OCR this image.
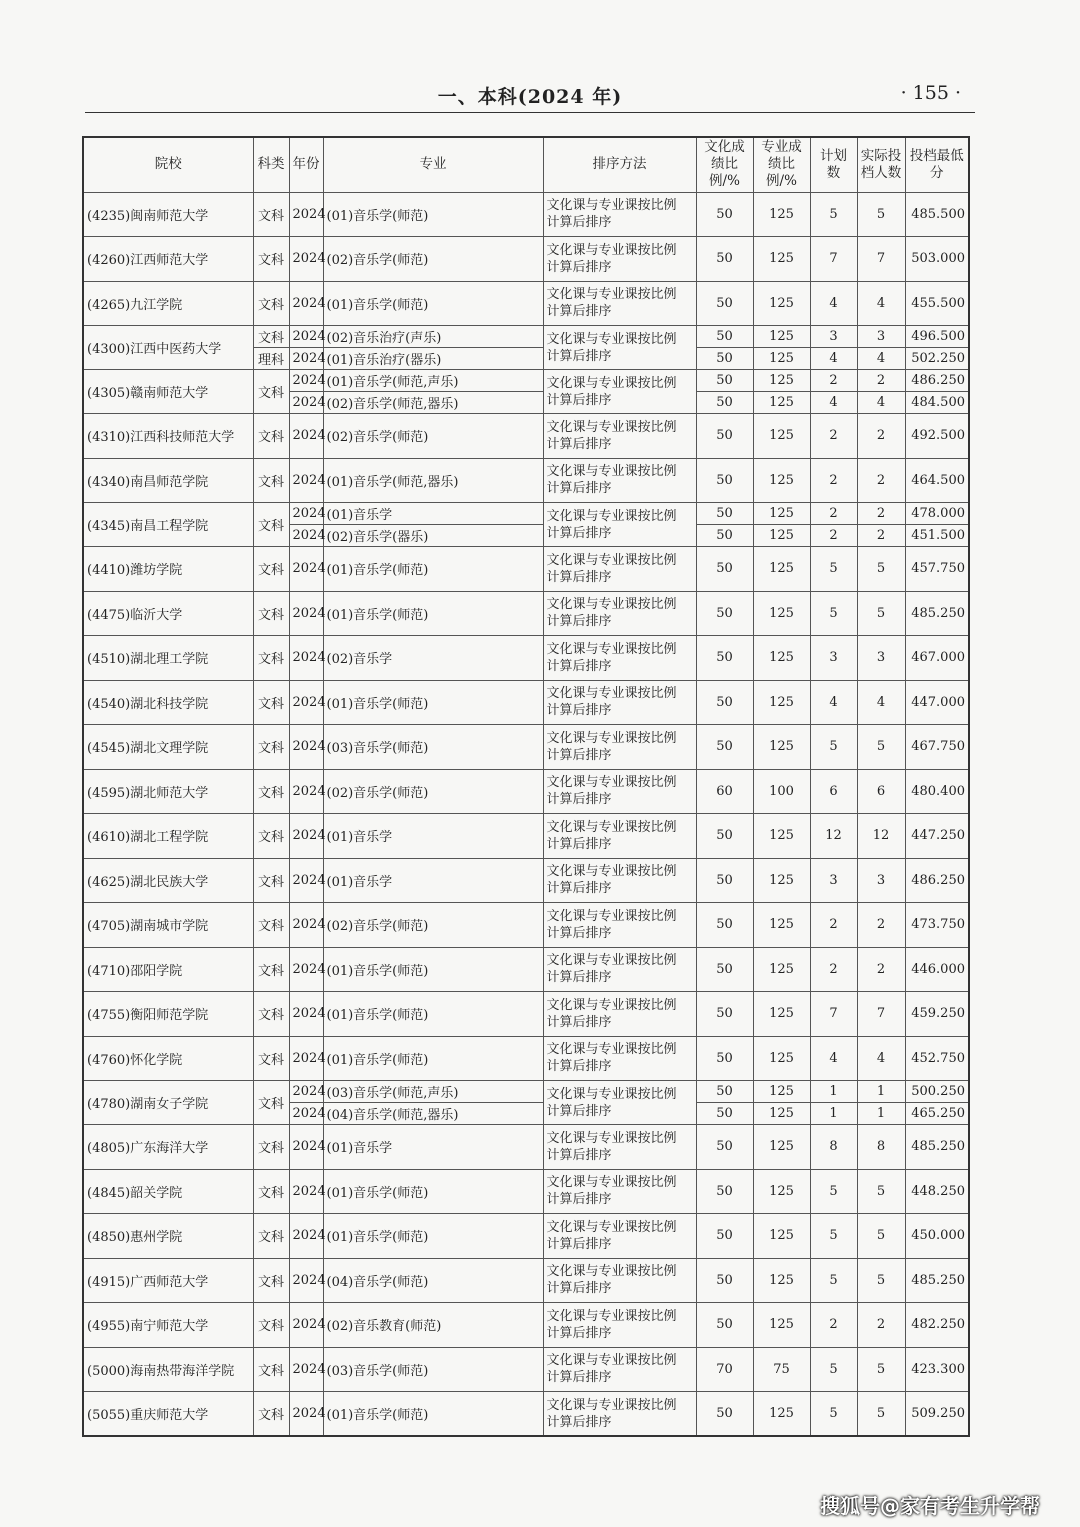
一、本科(2024 年)	· 155 ·
院校	科类	年份	专业	排序方法	文化成绩比例/%	专业成绩比例/%	计划数	实际投档人数	投档最低分
(4235)闽南师范大学	文科	2024	(01)音乐学(师范)	文化课与专业课按比例
计算后排序	50	125	5	5	485.500
(4260)江西师范大学	文科	2024	(02)音乐学(师范)	文化课与专业课按比例
计算后排序	50	125	7	7	503.000
(4265)九江学院	文科	2024	(01)音乐学(师范)	文化课与专业课按比例
计算后排序	50	125	4	4	455.500
(4300)江西中医药大学	文科	2024	(02)音乐治疗(声乐)	文化课与专业课按比例
计算后排序	50	125	3	3	496.500
	理科	2024	(01)音乐治疗(器乐)		50	125	4	4	502.250
(4305)赣南师范大学	文科	2024	(01)音乐学(师范,声乐)	文化课与专业课按比例
计算后排序	50	125	2	2	486.250
		2024	(02)音乐学(师范,器乐)		50	125	4	4	484.500
(4310)江西科技师范大学	文科	2024	(02)音乐学(师范)	文化课与专业课按比例
计算后排序	50	125	2	2	492.500
(4340)南昌师范学院	文科	2024	(01)音乐学(师范,器乐)	文化课与专业课按比例
计算后排序	50	125	2	2	464.500
(4345)南昌工程学院	文科	2024	(01)音乐学	文化课与专业课按比例
计算后排序	50	125	2	2	478.000
		2024	(02)音乐学(器乐)		50	125	2	2	451.500
(4410)潍坊学院	文科	2024	(01)音乐学(师范)	文化课与专业课按比例
计算后排序	50	125	5	5	457.750
(4475)临沂大学	文科	2024	(01)音乐学(师范)	文化课与专业课按比例
计算后排序	50	125	5	5	485.250
(4510)湖北理工学院	文科	2024	(02)音乐学	文化课与专业课按比例
计算后排序	50	125	3	3	467.000
(4540)湖北科技学院	文科	2024	(01)音乐学(师范)	文化课与专业课按比例
计算后排序	50	125	4	4	447.000
(4545)湖北文理学院	文科	2024	(03)音乐学(师范)	文化课与专业课按比例
计算后排序	50	125	5	5	467.750
(4595)湖北师范大学	文科	2024	(02)音乐学(师范)	文化课与专业课按比例
计算后排序	60	100	6	6	480.400
(4610)湖北工程学院	文科	2024	(01)音乐学	文化课与专业课按比例
计算后排序	50	125	12	12	447.250
(4625)湖北民族大学	文科	2024	(01)音乐学	文化课与专业课按比例
计算后排序	50	125	3	3	486.250
(4705)湖南城市学院	文科	2024	(02)音乐学(师范)	文化课与专业课按比例
计算后排序	50	125	2	2	473.750
(4710)邵阳学院	文科	2024	(01)音乐学(师范)	文化课与专业课按比例
计算后排序	50	125	2	2	446.000
(4755)衡阳师范学院	文科	2024	(01)音乐学(师范)	文化课与专业课按比例
计算后排序	50	125	7	7	459.250
(4760)怀化学院	文科	2024	(01)音乐学(师范)	文化课与专业课按比例
计算后排序	50	125	4	4	452.750
(4780)湖南女子学院	文科	2024	(03)音乐学(师范,声乐)	文化课与专业课按比例
计算后排序	50	125	1	1	500.250
		2024	(04)音乐学(师范,器乐)		50	125	1	1	465.250
(4805)广东海洋大学	文科	2024	(01)音乐学	文化课与专业课按比例
计算后排序	50	125	8	8	485.250
(4845)韶关学院	文科	2024	(01)音乐学(师范)	文化课与专业课按比例
计算后排序	50	125	5	5	448.250
(4850)惠州学院	文科	2024	(01)音乐学(师范)	文化课与专业课按比例
计算后排序	50	125	5	5	450.000
(4915)广西师范大学	文科	2024	(04)音乐学(师范)	文化课与专业课按比例
计算后排序	50	125	5	5	485.250
(4955)南宁师范大学	文科	2024	(02)音乐教育(师范)	文化课与专业课按比例
计算后排序	50	125	2	2	482.250
(5000)海南热带海洋学院	文科	2024	(03)音乐学(师范)	文化课与专业课按比例
计算后排序	70	75	5	5	423.300
(5055)重庆师范大学	文科	2024	(01)音乐学(师范)	文化课与专业课按比例
计算后排序	50	125	5	5	509.250
搜狐号@家有考生升学帮
